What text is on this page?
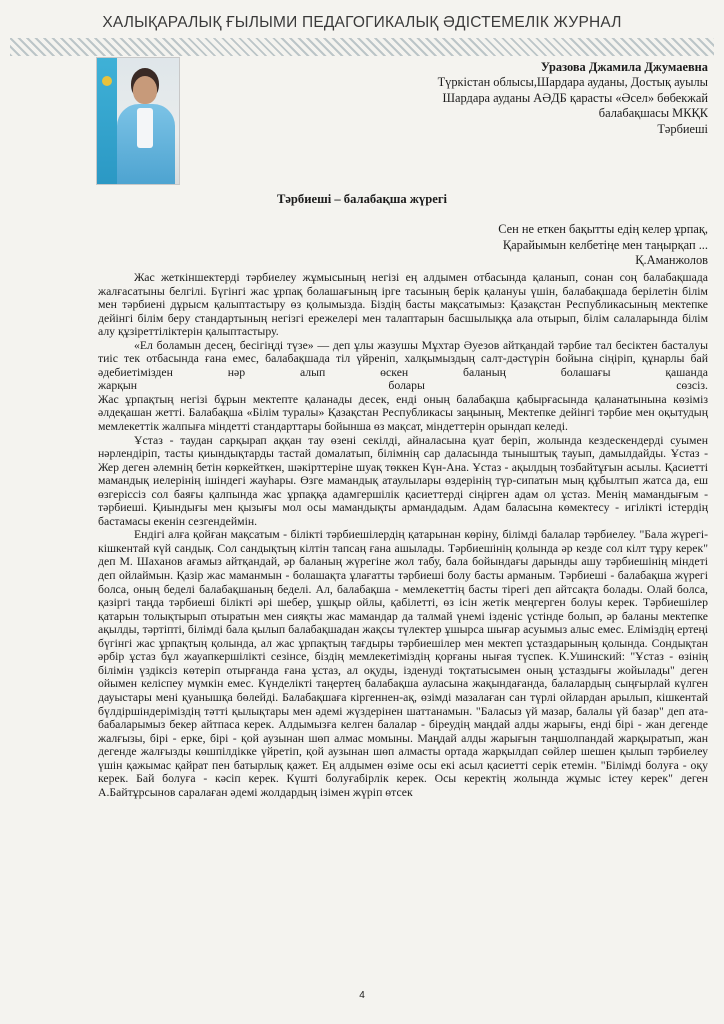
ХАЛЫҚАРАЛЫҚ ҒЫЛЫМИ ПЕДАГОГИКАЛЫҚ ӘДІСТЕМЕЛІК ЖУРНАЛ
Уразова Джамила Джумаевна
Түркістан облысы,Шардара ауданы, Достық ауылы
Шардара ауданы АӘДБ қарасты «Әсел» бөбекжай
балабақшасы МКҚК
Тәрбиеші
Тәрбиеші – балабақша жүрегі
Сен не еткен бақытты едің келер ұрпақ,
Қарайымын келбетіңе мен таңырқап ...
Қ.Аманжолов

Жас жеткіншектерді тәрбиелеу жұмысының негізі ең алдымен отбасында қаланып, сонан соң балабақшада жалғасатыны белгілі. Бүгінгі жас ұрпақ болашағының ірге тасының берік қалануы үшін, балабақшада берілетін білім мен тәрбиені дұрысм қалыптастыру өз қолымызда. Біздің басты мақсатымыз: Қазақстан Республикасының мектепке дейінгі білім беру стандартының негізгі ережелері мен талаптарын басшылыққа ала отырып, білім салаларында білім алу құзіреттіліктерін қалыптастыру.

«Ел боламын десең, бесігіңді түзе» — деп ұлы жазушы Мұхтар Әуезов айтқандай тәрбие тал бесіктен басталуы тиіс тек отбасында ғана емес, балабақшада тіл үйреніп, халқымыздың салт-дәстүрін бойына сіңіріп, құнарлы бай әдебиетімізден нәр алып өскен баланың болашағы қашанда

жарқын	болары	сөзсіз.

Жас ұрпақтың негізі бұрын мектепте қаланады десек, енді оның балабақша қабырғасында қаланатынына көзіміз әлдеқашан жетті. Балабақша «Білім туралы» Қазақстан Республикасы заңының, Мектепке дейінгі тәрбие мен оқытудың мемлекеттік жалпыға міндетті стандарттары бойынша өз мақсат, міндеттерін орындап келеді.

Ұстаз - таудан сарқырап аққан тау өзені секілді, айналасына қуат беріп, жолында кездескендерді суымен нәрлендіріп, тасты қиындықтарды тастай домалатып, білімнің сар даласында тыныштық тауып, дамылдайды. Ұстаз - Жер деген әлемнің бетін көркейткен, шәкірттеріне шуақ төккен Күн-Ана. Ұстаз - ақылдың тозбайтұғын асылы. Қасиетті мамандық иелерінің ішіндегі жауһары. Өзге мамандық атаулылары өздерінің түр-сипатын мың құбылтып жатса да, еш өзгеріссіз сол баяғы қалпында жас ұрпаққа адамгершілік қасиеттерді сіңірген адам ол ұстаз. Менің мамандығым - тәрбиеші. Қиындығы мен қызығы мол осы мамандықты армандадым. Адам баласына көмектесу - игілікті істердің бастамасы екенін сезгендеймін.

Ендігі алға қойған мақсатым - білікті тәрбиешілердің қатарынан көріну, білімді балалар тәрбиелеу. "Бала жүрегі- кішкентай күй сандық. Сол сандықтың кілтін тапсаң ғана ашылады. Тәрбиешінің қолында әр кезде сол кілт тұру керек" деп М. Шаханов ағамыз айтқандай, әр баланың жүрегіне жол табу, бала бойындағы дарынды ашу тәрбиешінің міндеті деп ойлаймын. Қазір жас маманмын - болашақта ұлағатты тәрбиеші болу басты арманым. Тәрбиеші - балабақша жүрегі болса, оның беделі балабақшаның беделі. Ал, балабақша - мемлекеттің басты тірегі деп айтсақта болады. Олай болса, қазіргі таңда тәрбиеші білікті әрі шебер, ұшқыр ойлы, қабілетті, өз ісін жетік меңгерген болуы керек. Тәрбиешілер қатарын толықтырып отыратын мен сияқты жас мамандар да талмай үнемі ізденіс үстінде болып, әр баланы мектепке ақылды, тәртіпті, білімді бала қылып балабақшадан жақсы түлектер ұшырса шығар асуымыз алыс емес. Еліміздің ертеңі бүгінгі жас ұрпақтың қолында, ал жас ұрпақтың тағдыры тәрбиешілер мен мектеп ұстаздарының қолында. Сондықтан әрбір ұстаз бұл жауапкершілікті сезінсе, біздің мемлекетіміздің қорғаны нығая түспек. К.Ушинский: "Ұстаз - өзінің білімін үздіксіз көтеріп отырғанда ғана ұстаз, ал оқуды, ізденуді тоқтатысымен оның ұстаздығы жойылады" деген ойымен келіспеу мүмкін емес. Күнделікті таңертең балабақша ауласына жақындағанда, балалардың сыңғырлай күлген дауыстары мені қуанышқа бөлейді. Балабақшаға кіргеннен-ақ, өзімді мазалаған сан түрлі ойлардан арылып, кішкентай бүлдіршіндеріміздің тәтті қылықтары мен әдемі жүздерінен шаттанамын. "Баласыз үй мазар, балалы үй базар" деп ата- бабаларымыз бекер айтпаса керек. Алдымызға келген балалар - біреудің маңдай алды жарығы, енді бірі - жан дегенде жалғызы, бірі - ерке, бірі - қой аузынан шөп алмас момыны. Маңдай алды жарығын таңшолпандай жарқыратып, жан дегенде жалғызды көшпілдікке үйретіп, қой аузынан шөп алмасты ортада жарқылдап сөйлер шешен қылып тәрбиелеу үшін қажымас қайрат пен батырлық қажет. Ең алдымен өзіме осы екі асыл қасиетті серік етемін. "Білімді болуға - оқу керек. Бай болуға - кәсіп керек. Күшті болуғабірлік керек. Осы керектің жолында жұмыс істеу керек" деген А.Байтұрсынов саралаған әдемі жолдардың ізімен жүріп өтсек

4
